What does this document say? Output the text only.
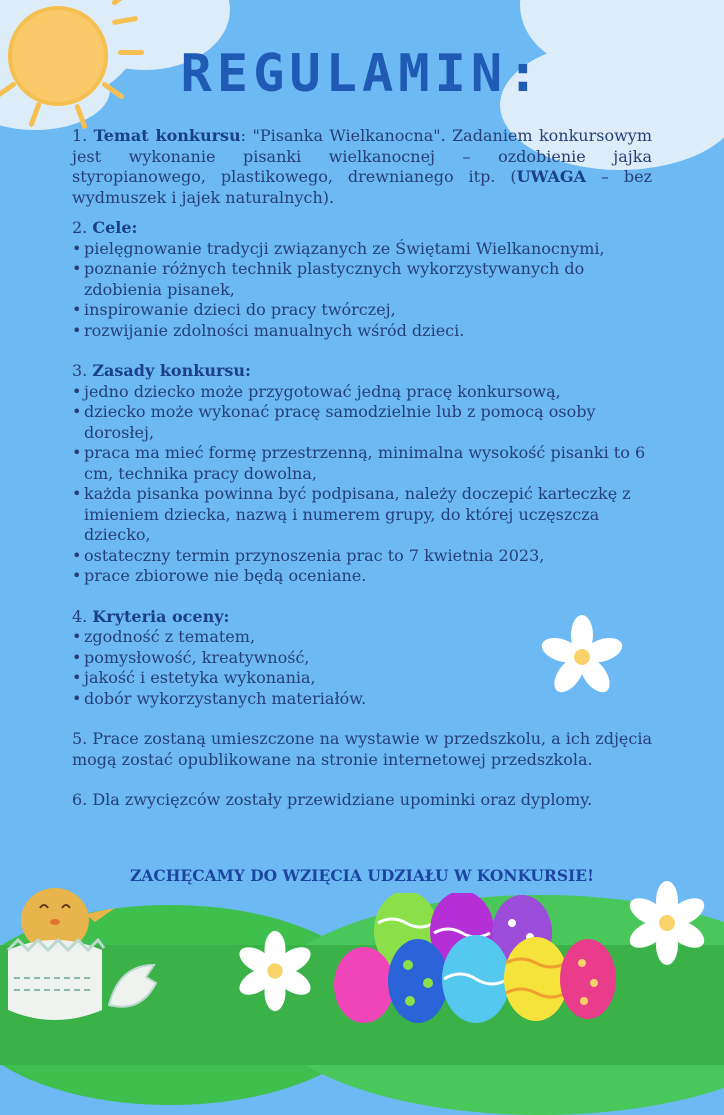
REGULAMIN:

1. Temat konkursu: "Pisanka Wielkanocna". Zadaniem konkursowym jest wykonanie pisanki wielkanocnej – ozdobienie jajka styropianowego, plastikowego, drewnianego itp. (UWAGA – bez wydmuszek i jajek naturalnych).

2. Cele:

• pielęgnowanie tradycji związanych ze Świętami Wielkanocnymi,
• poznanie różnych technik plastycznych wykorzystywanych do zdobienia pisanek,
• inspirowanie dzieci do pracy twórczej,
• rozwijanie zdolności manualnych wśród dzieci.

3. Zasady konkursu:

• jedno dziecko może przygotować jedną pracę konkursową,
• dziecko może wykonać pracę samodzielnie lub z pomocą osoby dorosłej,
• praca ma mieć formę przestrzenną, minimalna wysokość pisanki to 6 cm, technika pracy dowolna,
• każda pisanka powinna być podpisana, należy doczepić karteczkę z imieniem dziecka, nazwą i numerem grupy, do której uczęszcza dziecko,
• ostateczny termin przynoszenia prac to 7 kwietnia 2023,
• prace zbiorowe nie będą oceniane.

4. Kryteria oceny:

• zgodność z tematem,
• pomysłowość, kreatywność,
• jakość i estetyka wykonania,
• dobór wykorzystanych materiałów.

5. Prace zostaną umieszczone na wystawie w przedszkolu, a ich zdjęcia mogą zostać opublikowane na stronie internetowej przedszkola.

6. Dla zwycięzców zostały przewidziane upominki oraz dyplomy.

ZACHĘCAMY DO WZIĘCIA UDZIAŁU W KONKURSIE!
